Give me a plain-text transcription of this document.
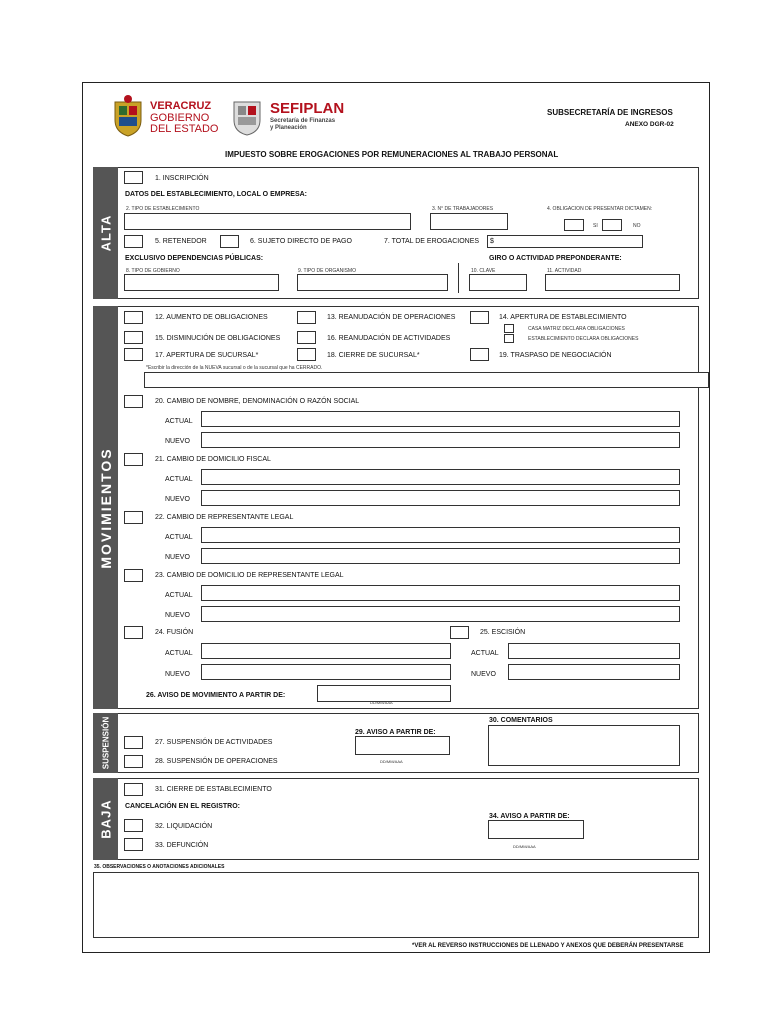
VERACRUZ
GOBIERNO
DEL ESTADO
SEFIPLAN
Secretaría de Finanzas
y Planeación
SUBSECRETARÍA DE INGRESOS
ANEXO DGR-02
IMPUESTO SOBRE EROGACIONES POR REMUNERACIONES AL TRABAJO PERSONAL
ALTA
1. INSCRIPCIÓN
DATOS DEL ESTABLECIMIENTO, LOCAL O EMPRESA:
2. TIPO DE ESTABLECIMIENTO	3. N° DE TRABAJADORES	4. OBLIGACION DE PRESENTAR DICTAMEN:
SI	NO
5. RETENEDOR	6. SUJETO DIRECTO DE PAGO	7. TOTAL DE EROGACIONES $
EXCLUSIVO DEPENDENCIAS PÚBLICAS:	GIRO O ACTIVIDAD PREPONDERANTE:
8. TIPO DE GOBIERNO	9. TIPO DE ORGANISMO	10. CLAVE	11. ACTIVIDAD
MOVIMIENTOS
12. AUMENTO DE OBLIGACIONES	13. REANUDACIÓN DE OPERACIONES	14. APERTURA DE ESTABLECIMIENTO
CASA MATRIZ DECLARA OBLIGACIONES
ESTABLECIMIENTO DECLARA OBLIGACIONES
15. DISMINUCIÓN DE OBLIGACIONES	16. REANUDACIÓN DE ACTIVIDADES
17. APERTURA DE SUCURSAL*	18. CIERRE DE SUCURSAL*	19. TRASPASO DE NEGOCIACIÓN
*Escribir la dirección de la NUEVA sucursal o de la sucursal que ha CERRADO.
20. CAMBIO DE NOMBRE, DENOMINACIÓN O RAZÓN SOCIAL
ACTUAL
NUEVO
21. CAMBIO DE DOMICILIO FISCAL
ACTUAL
NUEVO
22. CAMBIO DE REPRESENTANTE LEGAL
ACTUAL
NUEVO
23. CAMBIO DE DOMICILIO DE REPRESENTANTE LEGAL
ACTUAL
NUEVO
24. FUSIÓN	25. ESCISIÓN
ACTUAL	ACTUAL
NUEVO	NUEVO
26. AVISO DE MOVIMIENTO A PARTIR DE:
DD/MM/AAA
SUSPENSIÓN	27. SUSPENSIÓN DE ACTIVIDADES
28. SUSPENSIÓN DE OPERACIONES
29. AVISO A PARTIR DE:
DD/MM/AAA
30. COMENTARIOS
BAJA
31. CIERRE DE ESTABLECIMIENTO
CANCELACIÓN EN EL REGISTRO:
32. LIQUIDACIÓN
33. DEFUNCIÓN
34. AVISO A PARTIR DE:
DD/MM/AAA
35. OBSERVACIONES O ANOTACIONES ADICIONALES
*VER AL REVERSO INSTRUCCIONES DE LLENADO Y ANEXOS QUE DEBERÁN PRESENTARSE
